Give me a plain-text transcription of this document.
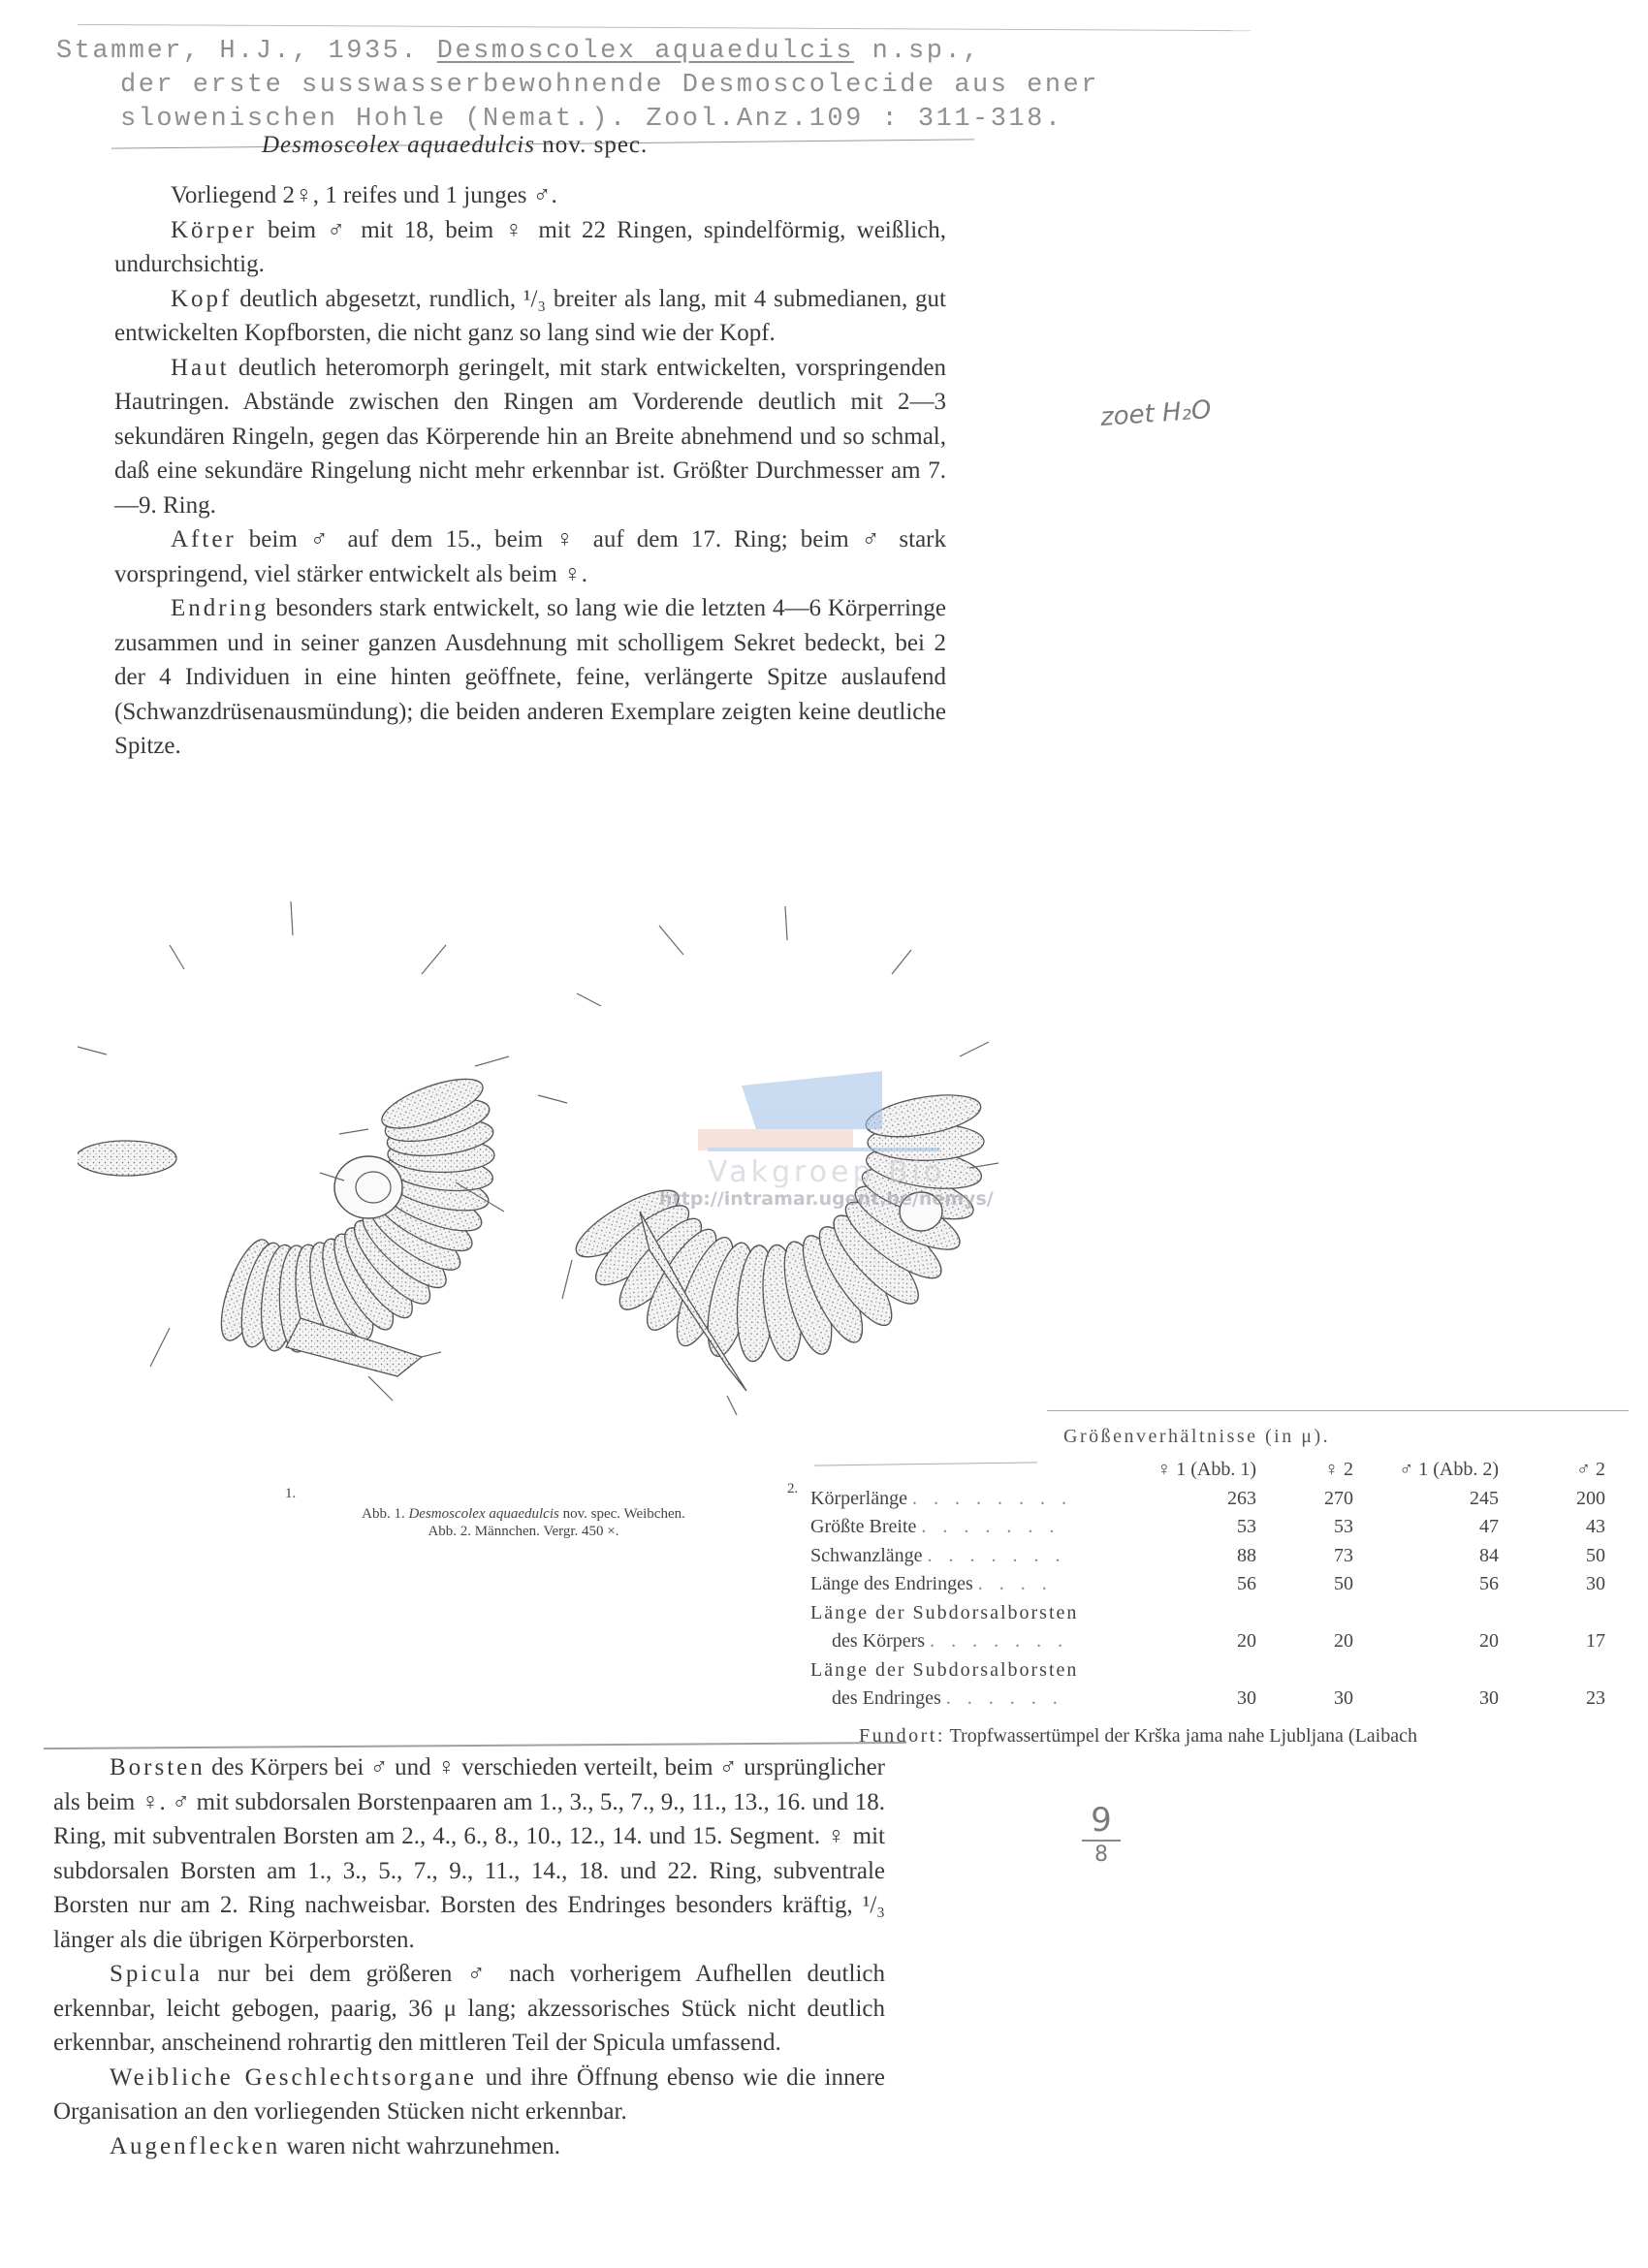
Stammer, H.J., 1935. Desmoscolex aquaedulcis n.sp.,
der erste susswasserbewohnende Desmoscolecide aus ener
slowenischen Hohle (Nemat.). Zool.Anz.109 : 311-318.
Desmoscolex aquaedulcis nov. spec.

Vorliegend 2♀, 1 reifes und 1 junges ♂.

Körper beim ♂ mit 18, beim ♀ mit 22 Ringen, spindelförmig, weißlich, undurchsichtig.

Kopf deutlich abgesetzt, rundlich, ¹/₃ breiter als lang, mit 4 submedianen, gut entwickelten Kopfborsten, die nicht ganz so lang sind wie der Kopf.

Haut deutlich heteromorph geringelt, mit stark entwickelten, vorspringenden Hautringen. Abstände zwischen den Ringen am Vorderende deutlich mit 2—3 sekundären Ringeln, gegen das Körperende hin an Breite abnehmend und so schmal, daß eine sekundäre Ringelung nicht mehr erkennbar ist. Größter Durchmesser am 7.—9. Ring.

After beim ♂ auf dem 15., beim ♀ auf dem 17. Ring; beim ♂ stark vorspringend, viel stärker entwickelt als beim ♀.

Endring besonders stark entwickelt, so lang wie die letzten 4—6 Körperringe zusammen und in seiner ganzen Ausdehnung mit scholligem Sekret bedeckt, bei 2 der 4 Individuen in eine hinten geöffnete, feine, verlängerte Spitze auslaufend (Schwanzdrüsenausmündung); die beiden anderen Exemplare zeigten keine deutliche Spitze.

zoet H₂O
Vakgroep Bio
http://intramar.ugent.be/nemys/
1.	2.
Abb. 1. Desmoscolex aquaedulcis nov. spec. Weibchen.
Abb. 2. Männchen. Vergr. 450 ×.
Größenverhältnisse (in μ).
	♀ 1 (Abb. 1)	♀ 2	♂ 1 (Abb. 2)	♂ 2
Körperlänge . . . . . . . .	263	270	245	200
Größte Breite . . . . . . .	53	53	47	43
Schwanzlänge . . . . . . .	88	73	84	50
Länge des Endringes . . . .	56	50	56	30
Länge der Subdorsalborsten				
des Körpers . . . . . . .	20	20	20	17
Länge der Subdorsalborsten				
des Endringes . . . . . .	30	30	30	23
Fundort: Tropfwassertümpel der Krška jama nahe Ljubljana (Laibach

Borsten des Körpers bei ♂ und ♀ verschieden verteilt, beim ♂ ursprünglicher als beim ♀. ♂ mit subdorsalen Borstenpaaren am 1., 3., 5., 7., 9., 11., 13., 16. und 18. Ring, mit subventralen Borsten am 2., 4., 6., 8., 10., 12., 14. und 15. Segment. ♀ mit subdorsalen Borsten am 1., 3., 5., 7., 9., 11., 14., 18. und 22. Ring, subventrale Borsten nur am 2. Ring nachweisbar. Borsten des Endringes besonders kräftig, ¹/₃ länger als die übrigen Körperborsten.

Spicula nur bei dem größeren ♂ nach vorherigem Aufhellen deutlich erkennbar, leicht gebogen, paarig, 36 μ lang; akzessorisches Stück nicht deutlich erkennbar, anscheinend rohrartig den mittleren Teil der Spicula umfassend.

Weibliche Geschlechtsorgane und ihre Öffnung ebenso wie die innere Organisation an den vorliegenden Stücken nicht erkennbar.

Augenflecken waren nicht wahrzunehmen.

9
8
